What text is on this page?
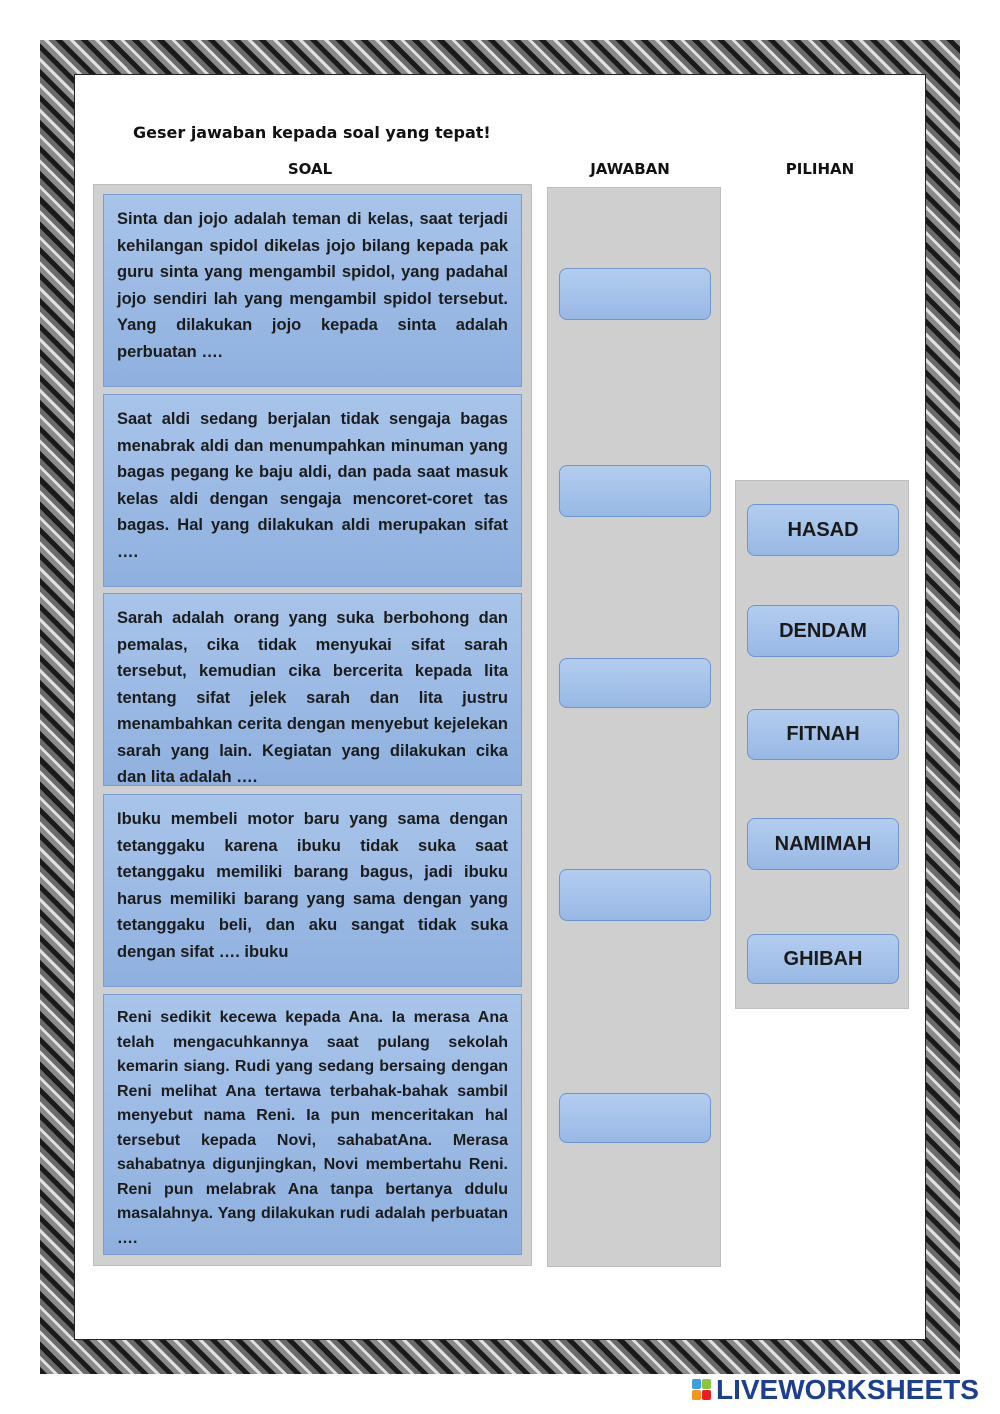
Geser jawaban kepada soal yang tepat!
SOAL	JAWABAN	PILIHAN
Sinta dan jojo adalah teman di kelas, saat terjadi kehilangan spidol dikelas jojo bilang kepada pak guru sinta yang mengambil spidol, yang padahal jojo sendiri lah yang mengambil spidol tersebut. Yang dilakukan jojo kepada sinta adalah perbuatan ….
Saat aldi sedang berjalan tidak sengaja bagas menabrak aldi dan menumpahkan minuman yang bagas pegang ke baju aldi, dan pada saat masuk kelas aldi dengan sengaja mencoret-coret tas bagas. Hal yang dilakukan aldi merupakan sifat ….
Sarah adalah orang yang suka berbohong dan pemalas, cika tidak menyukai sifat sarah tersebut, kemudian cika bercerita kepada lita tentang sifat jelek sarah dan lita justru menambahkan cerita dengan menyebut kejelekan sarah yang lain. Kegiatan yang dilakukan cika dan lita adalah ….
Ibuku membeli motor baru yang sama dengan tetanggaku karena ibuku tidak suka saat tetanggaku memiliki barang bagus, jadi ibuku harus memiliki barang yang sama dengan yang tetanggaku beli, dan aku sangat tidak suka dengan sifat …. ibuku
Reni sedikit kecewa kepada Ana. Ia merasa Ana telah mengacuhkannya saat pulang sekolah kemarin siang. Rudi yang sedang bersaing dengan Reni melihat Ana tertawa terbahak-bahak sambil menyebut nama Reni. Ia pun menceritakan hal tersebut kepada Novi, sahabatAna. Merasa sahabatnya digunjingkan, Novi membertahu Reni. Reni pun melabrak Ana tanpa bertanya ddulu masalahnya. Yang dilakukan rudi adalah perbuatan ….
HASAD
DENDAM
FITNAH
NAMIMAH
GHIBAH
LIVEWORKSHEETS
